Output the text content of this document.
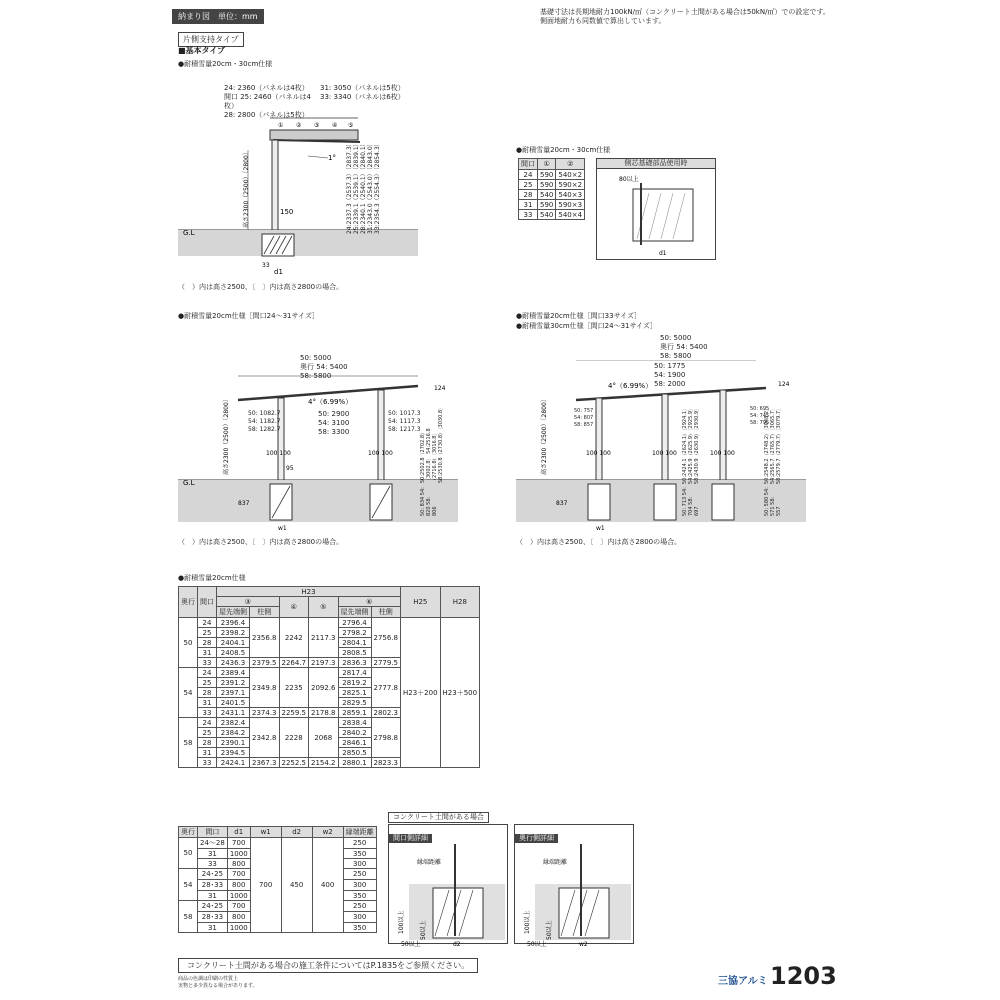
納まり図　単位：mm	基礎寸法は長期地耐力100kN/㎡（コンクリート土間がある場合は50kN/㎡）での設定です。
側面地耐力も同数値で算出しています。
片側支持タイプ
■基本タイプ
●耐積雪量20cm・30cm仕様
24: 2360（パネルは4枚）
開口 25: 2460（パネルは4枚）
28: 2800（パネルは5枚）
31: 3050（パネルは5枚）
33: 3340（パネルは6枚）
G.L
150
1°
33
d1
① ② ③ ④ ⑤
高さ2300（2500）〔2800〕	24:2337.3（2537.3）〔2837.3〕 25:2339.1（2539.1）〔2839.1〕 28:2340.1（2540.1）〔2840.1〕 31:2343.0（2543.0）〔2843.0〕 33:2354.3（2554.3）〔2854.3〕
（　）内は高さ2500、〔　〕内は高さ2800の場合。
●耐積雪量20cm・30cm仕様
間口	①	②
24	590	540×2
25	590	590×2
28	540	540×3
31	590	590×3
33	540	540×4
側芯基礎部品使用時
80以上
d1
●耐積雪量20cm仕様［間口24～31サイズ］
50: 5000
奥行 54: 5400
58: 5800
G.L
4°（6.99%）
124
100 100	100 100
95
837
w1
高さ2300（2500）〔2800〕	50: 1082.7
54: 1182.7
58: 1282.7
50: 2900
54: 3100
58: 3300
50: 1017.3
54: 1117.3
58: 1217.3
50:2502.8（2702.8）〔3002.8〕 54:2516.8（2716.8）〔3016.8〕 58:2530.8（2730.8）〔3030.8〕
50: 834 54: 820 58: 806
（　）内は高さ2500、〔　〕内は高さ2800の場合。
●耐積雪量20cm仕様［間口33サイズ］
●耐積雪量30cm仕様［間口24～31サイズ］
50: 5000
奥行 54: 5400
58: 5800
50: 1775
54: 1900
58: 2000
4°（6.99%）	124
100 100	100 100	100 100
837
w1
高さ2300（2500）〔2800〕	50: 757
54: 807
58: 857
50: 695
54: 745
58: 795
50:2424.1（2624.1）〔2924.1〕 54:2425.9（2625.9）〔2925.9〕 58:2430.9（2630.9）〔2930.9〕	50:2548.2（2748.2）〔3048.2〕 54:2565.7（2765.7）〔3065.7〕 58:2579.7（2779.7）〔3079.7〕
50: 713 54: 704 58: 697	50: 580 54: 571 58: 557
（　）内は高さ2500、〔　〕内は高さ2800の場合。
●耐積雪量20cm仕様
奥行	間口	H23						H25	H28
		③		④	⑤	⑥			
		屋先端側	柱側			屋先端側	柱側		
50	24	2396.4	2356.8	2242	2117.3	2796.4	2756.8	H23＋200	H23＋500
	25	2398.2				2798.2			
	28	2404.1				2804.1			
	31	2408.5				2808.5			
	33	2436.3	2379.5	2264.7	2197.3	2836.3	2779.5		
54	24	2389.4	2349.8	2235	2092.6	2817.4	2777.8		
	25	2391.2				2819.2			
	28	2397.1				2825.1			
	31	2401.5				2829.5			
	33	2431.1	2374.3	2259.5	2178.8	2859.1	2802.3		
58	24	2382.4	2342.8	2228	2068	2838.4	2798.8		
	25	2384.2				2840.2			
	28	2390.1				2846.1			
	31	2394.5				2850.5			
	33	2424.1	2367.3	2252.5	2154.2	2880.1	2823.3		
奥行	間口	d1	w1	d2	w2	縁端距離
50	24～28	700	700	450	400	250
	31	1000				350
	33	800				300
54	24･25	700				250
	28･33	800				300
	31	1000				350
58	24･25	700				250
	28･33	800				300
	31	1000				350
コンクリート土間がある場合
間口側詳細
縁端距離
d2
100以上	50以上
50以上
奥行側詳細
縁端距離
w2
100以上	50以上
50以上
コンクリート土間がある場合の施工条件についてはP.1835をご参照ください。
商品の色調は印刷の性質上
実物と多少異なる場合があります。	三協アルミ 1203
